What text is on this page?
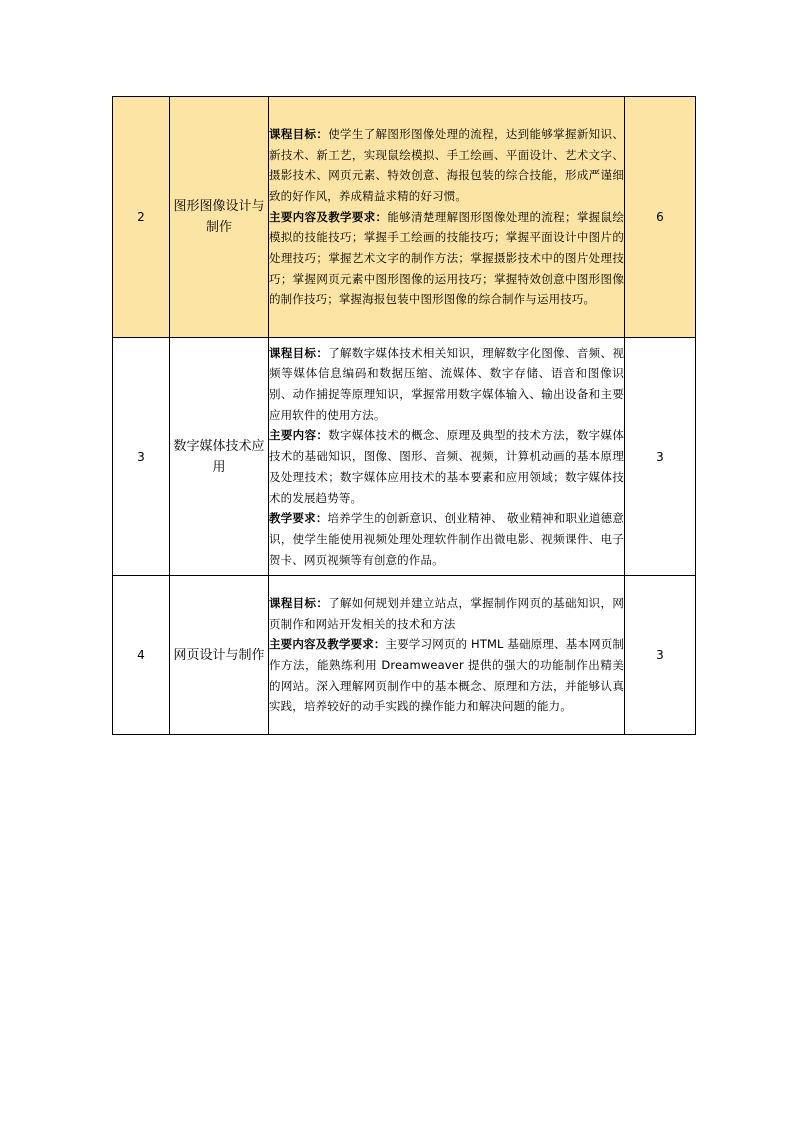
2	图形图像设计与制作	课程目标：使学生了解图形图像处理的流程，达到能够掌握新知识、新技术、新工艺，实现鼠绘模拟、手工绘画、平面设计、艺术文字、摄影技术、网页元素、特效创意、海报包装的综合技能，形成严谨细致的好作风，养成精益求精的好习惯。

主要内容及教学要求：能够清楚理解图形图像处理的流程；掌握鼠绘模拟的技能技巧；掌握手工绘画的技能技巧；掌握平面设计中图片的处理技巧；掌握艺术文字的制作方法；掌握摄影技术中的图片处理技巧；掌握网页元素中图形图像的运用技巧；掌握特效创意中图形图像的制作技巧；掌握海报包装中图形图像的综合制作与运用技巧。	6
3	数字媒体技术应用	课程目标：了解数字媒体技术相关知识，理解数字化图像、音频、视频等媒体信息编码和数据压缩、流媒体、数字存储、语音和图像识别、动作捕捉等原理知识，掌握常用数字媒体输入、输出设备和主要应用软件的使用方法。

主要内容：数字媒体技术的概念、原理及典型的技术方法，数字媒体技术的基础知识，图像、图形、音频、视频，计算机动画的基本原理及处理技术；数字媒体应用技术的基本要素和应用领域；数字媒体技术的发展趋势等。

教学要求：培养学生的创新意识、创业精神、 敬业精神和职业道德意识，使学生能使用视频处理处理软件制作出微电影、视频课件、电子贺卡、网页视频等有创意的作品。	3
4	网页设计与制作	课程目标：了解如何规划并建立站点，掌握制作网页的基础知识，网页制作和网站开发相关的技术和方法

主要内容及教学要求：主要学习网页的 HTML 基础原理、基本网页制作方法，能熟练利用 Dreamweaver 提供的强大的功能制作出精美的网站。深入理解网页制作中的基本概念、原理和方法，并能够认真实践，培养较好的动手实践的操作能力和解决问题的能力。	3
